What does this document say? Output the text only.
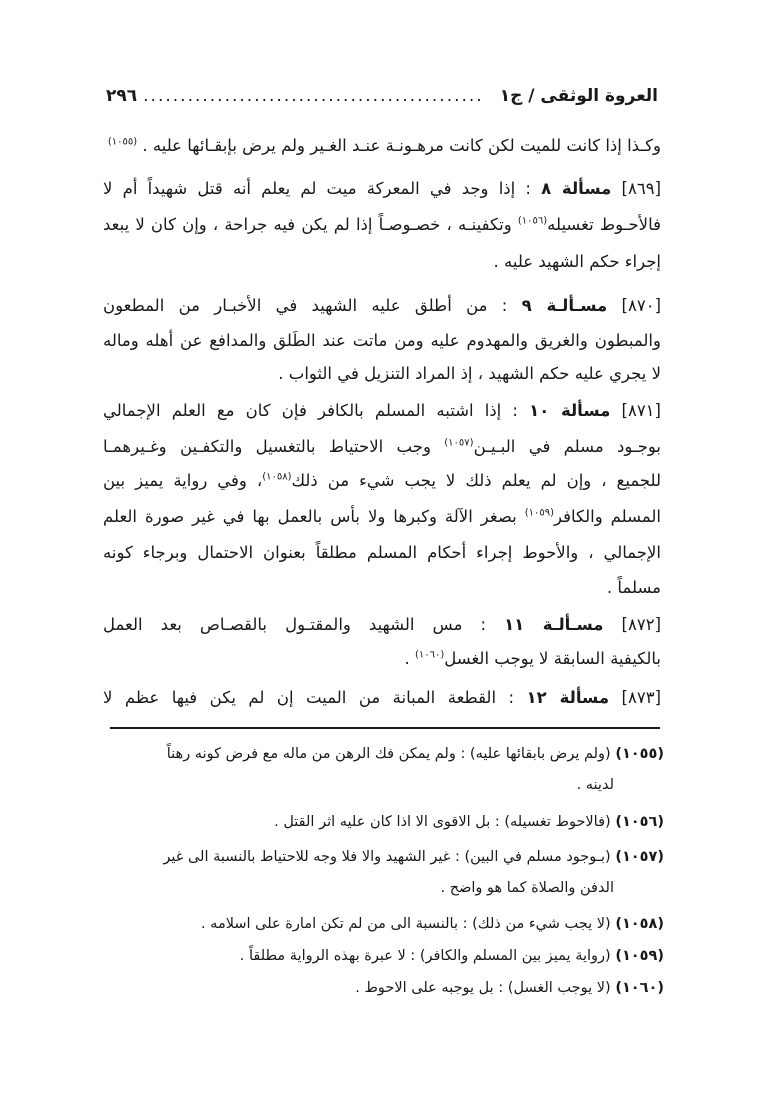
٢٩٦ .............................................. العروة الوثقى / ج١
وكـذا إذا كانت للميت لكن كانت مرهـونـة عنـد الغـير ولم يرض بإبقـائها عليه . $^{(١٠٥٥)}$
[٨٦٩] مسألة ٨ : إذا وجد في المعركة ميت لم يعلم أنه قتل شهيداً أم لا
فالأحـوط تغسيله$^{(١٠٥٦)}$ وتكفينـه ، خصـوصـاً إذا لم يكن فيه جراحة ، وإن كان لا يبعد
إجراء حكم الشهيد عليه .
[٨٧٠] مسـألـة ٩ : من أطلق عليه الشهيد في الأخبـار من المطعون
والمبطون والغريق والمهدوم عليه ومن ماتت عند الطَلق والمدافع عن أهله وماله
لا يجري عليه حكم الشهيد ، إذ المراد التنزيل في الثواب .
[٨٧١] مسألة ١٠ : إذا اشتبه المسلم بالكافر فإن كان مع العلم الإجمالي
بوجـود مسلم في البـيـن$^{(١٠٥٧)}$ وجب الاحتياط بالتغسيل والتكفـين وغـيرهمـا
للجميع ، وإن لم يعلم ذلك لا يجب شيء من ذلك$^{(١٠٥٨)}$، وفي رواية يميز بين
المسلم والكافر$^{(١٠٥٩)}$ بصغر الآلة وكبرها ولا بأس بالعمل بها في غير صورة العلم
الإجمالي ، والأحوط إجراء أحكام المسلم مطلقاً بعنوان الاحتمال وبرجاء كونه
مسلماً .
[٨٧٢] مسـألـة ١١ : مس الشهيد والمقتـول بالقصـاص بعد العمل
بالكيفية السابقة لا يوجب الغسل$^{(١٠٦٠)}$ .
[٨٧٣] مسألة ١٢ : القطعة المبانة من الميت إن لم يكن فيها عظم لا
(١٠٥٥) (ولم يرض بابقائها عليه) : ولم يمكن فك الرهن من ماله مع فرض كونه رهناً
لدينه .
(١٠٥٦) (فالاحوط تغسيله) : بل الاقوى الا اذا كان عليه اثر القتل .
(١٠٥٧) (بـوجود مسلم في البين) : غير الشهيد والا فلا وجه للاحتياط بالنسبة الى غير
الدفن والصلاة كما هو واضح .
(١٠٥٨) (لا يجب شيء من ذلك) : بالنسبة الى من لم تكن امارة على اسلامه .
(١٠٥٩) (رواية يميز بين المسلم والكافر) : لا عبرة بهذه الرواية مطلقاً .
(١٠٦٠) (لا يوجب الغسل) : بل يوجبه على الاحوط .
